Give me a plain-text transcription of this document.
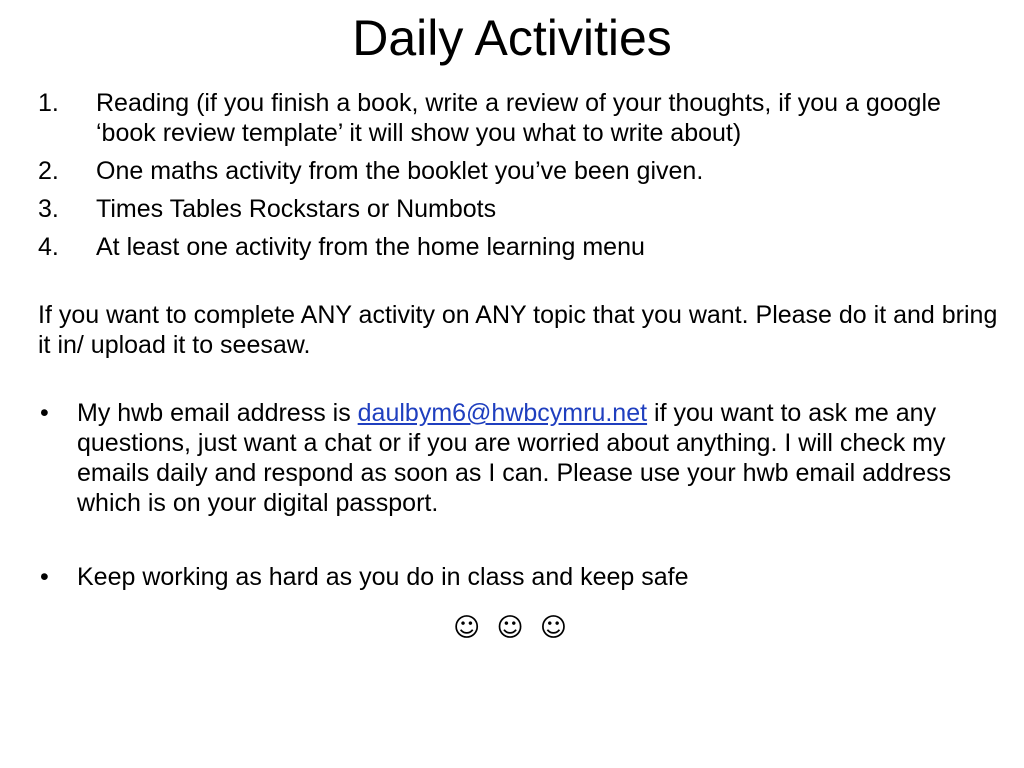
Daily Activities
1. Reading (if you finish a book, write a review of your thoughts, if you a google ‘book review template’ it will show you what to write about)
2. One maths activity from the booklet you’ve been given.
3. Times Tables Rockstars or Numbots
4. At least one activity from the home learning menu

If you want to complete ANY activity on ANY topic that you want. Please do it and bring it in/ upload it to seesaw.

• My hwb email address is daulbym6@hwbcymru.net if you want to ask me any questions, just want a chat or if you are worried about anything. I will check my emails daily and respond as soon as I can. Please use your hwb email address which is on your digital passport.
• Keep working as hard as you do in class and keep safe
☺ ☺ ☺
